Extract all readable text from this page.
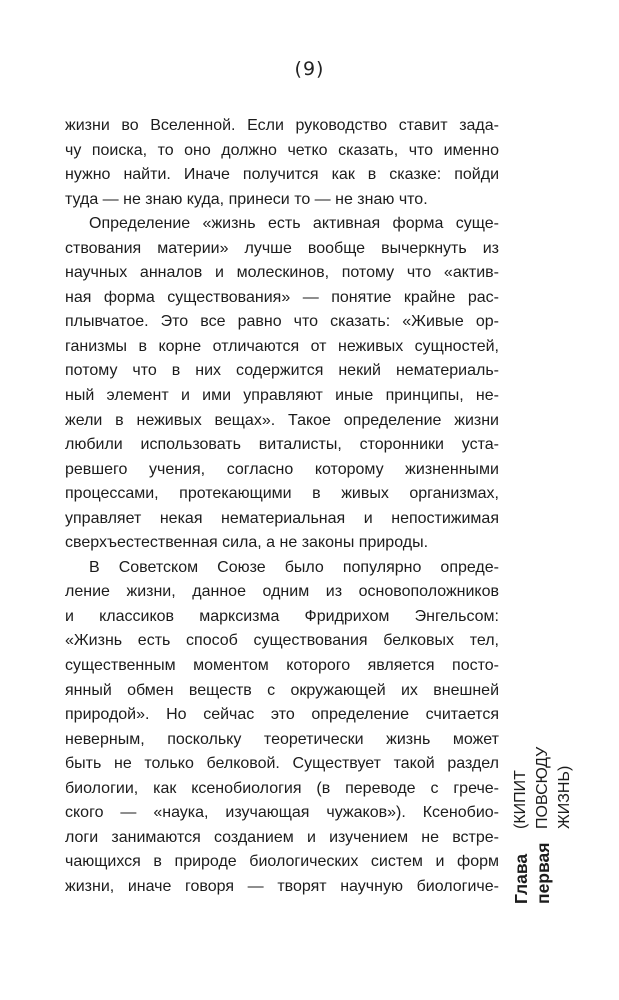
(9)
жизни во Вселенной. Если руководство ставит зада-
чу поиска, то оно должно четко сказать, что именно
нужно найти. Иначе получится как в сказке: пойди
туда — не знаю куда, принеси то — не знаю что.
Определение «жизнь есть активная форма суще-
ствования материи» лучше вообще вычеркнуть из
научных анналов и молескинов, потому что «актив-
ная форма существования» — понятие крайне рас-
плывчатое. Это все равно что сказать: «Живые ор-
ганизмы в корне отличаются от неживых сущностей,
потому что в них содержится некий нематериаль-
ный элемент и ими управляют иные принципы, не-
жели в неживых вещах». Такое определение жизни
любили использовать виталисты, сторонники уста-
ревшего учения, согласно которому жизненными
процессами, протекающими в живых организмах,
управляет некая нематериальная и непостижимая
сверхъестественная сила, а не законы природы.
В Советском Союзе было популярно опреде-
ление жизни, данное одним из основоположников
и классиков марксизма Фридрихом Энгельсом:
«Жизнь есть способ существования белковых тел,
существенным моментом которого является посто-
янный обмен веществ с окружающей их внешней
природой». Но сейчас это определение считается
неверным, поскольку теоретически жизнь может
быть не только белковой. Существует такой раздел
биологии, как ксенобиология (в переводе с грече-
ского — «наука, изучающая чужаков»). Ксенобио-
логи занимаются созданием и изучением не встре-
чающихся в природе биологических систем и форм
жизни, иначе говоря — творят научную биологиче- Глава первая
(КИПИТ ПОВСЮДУ ЖИЗНЬ)
